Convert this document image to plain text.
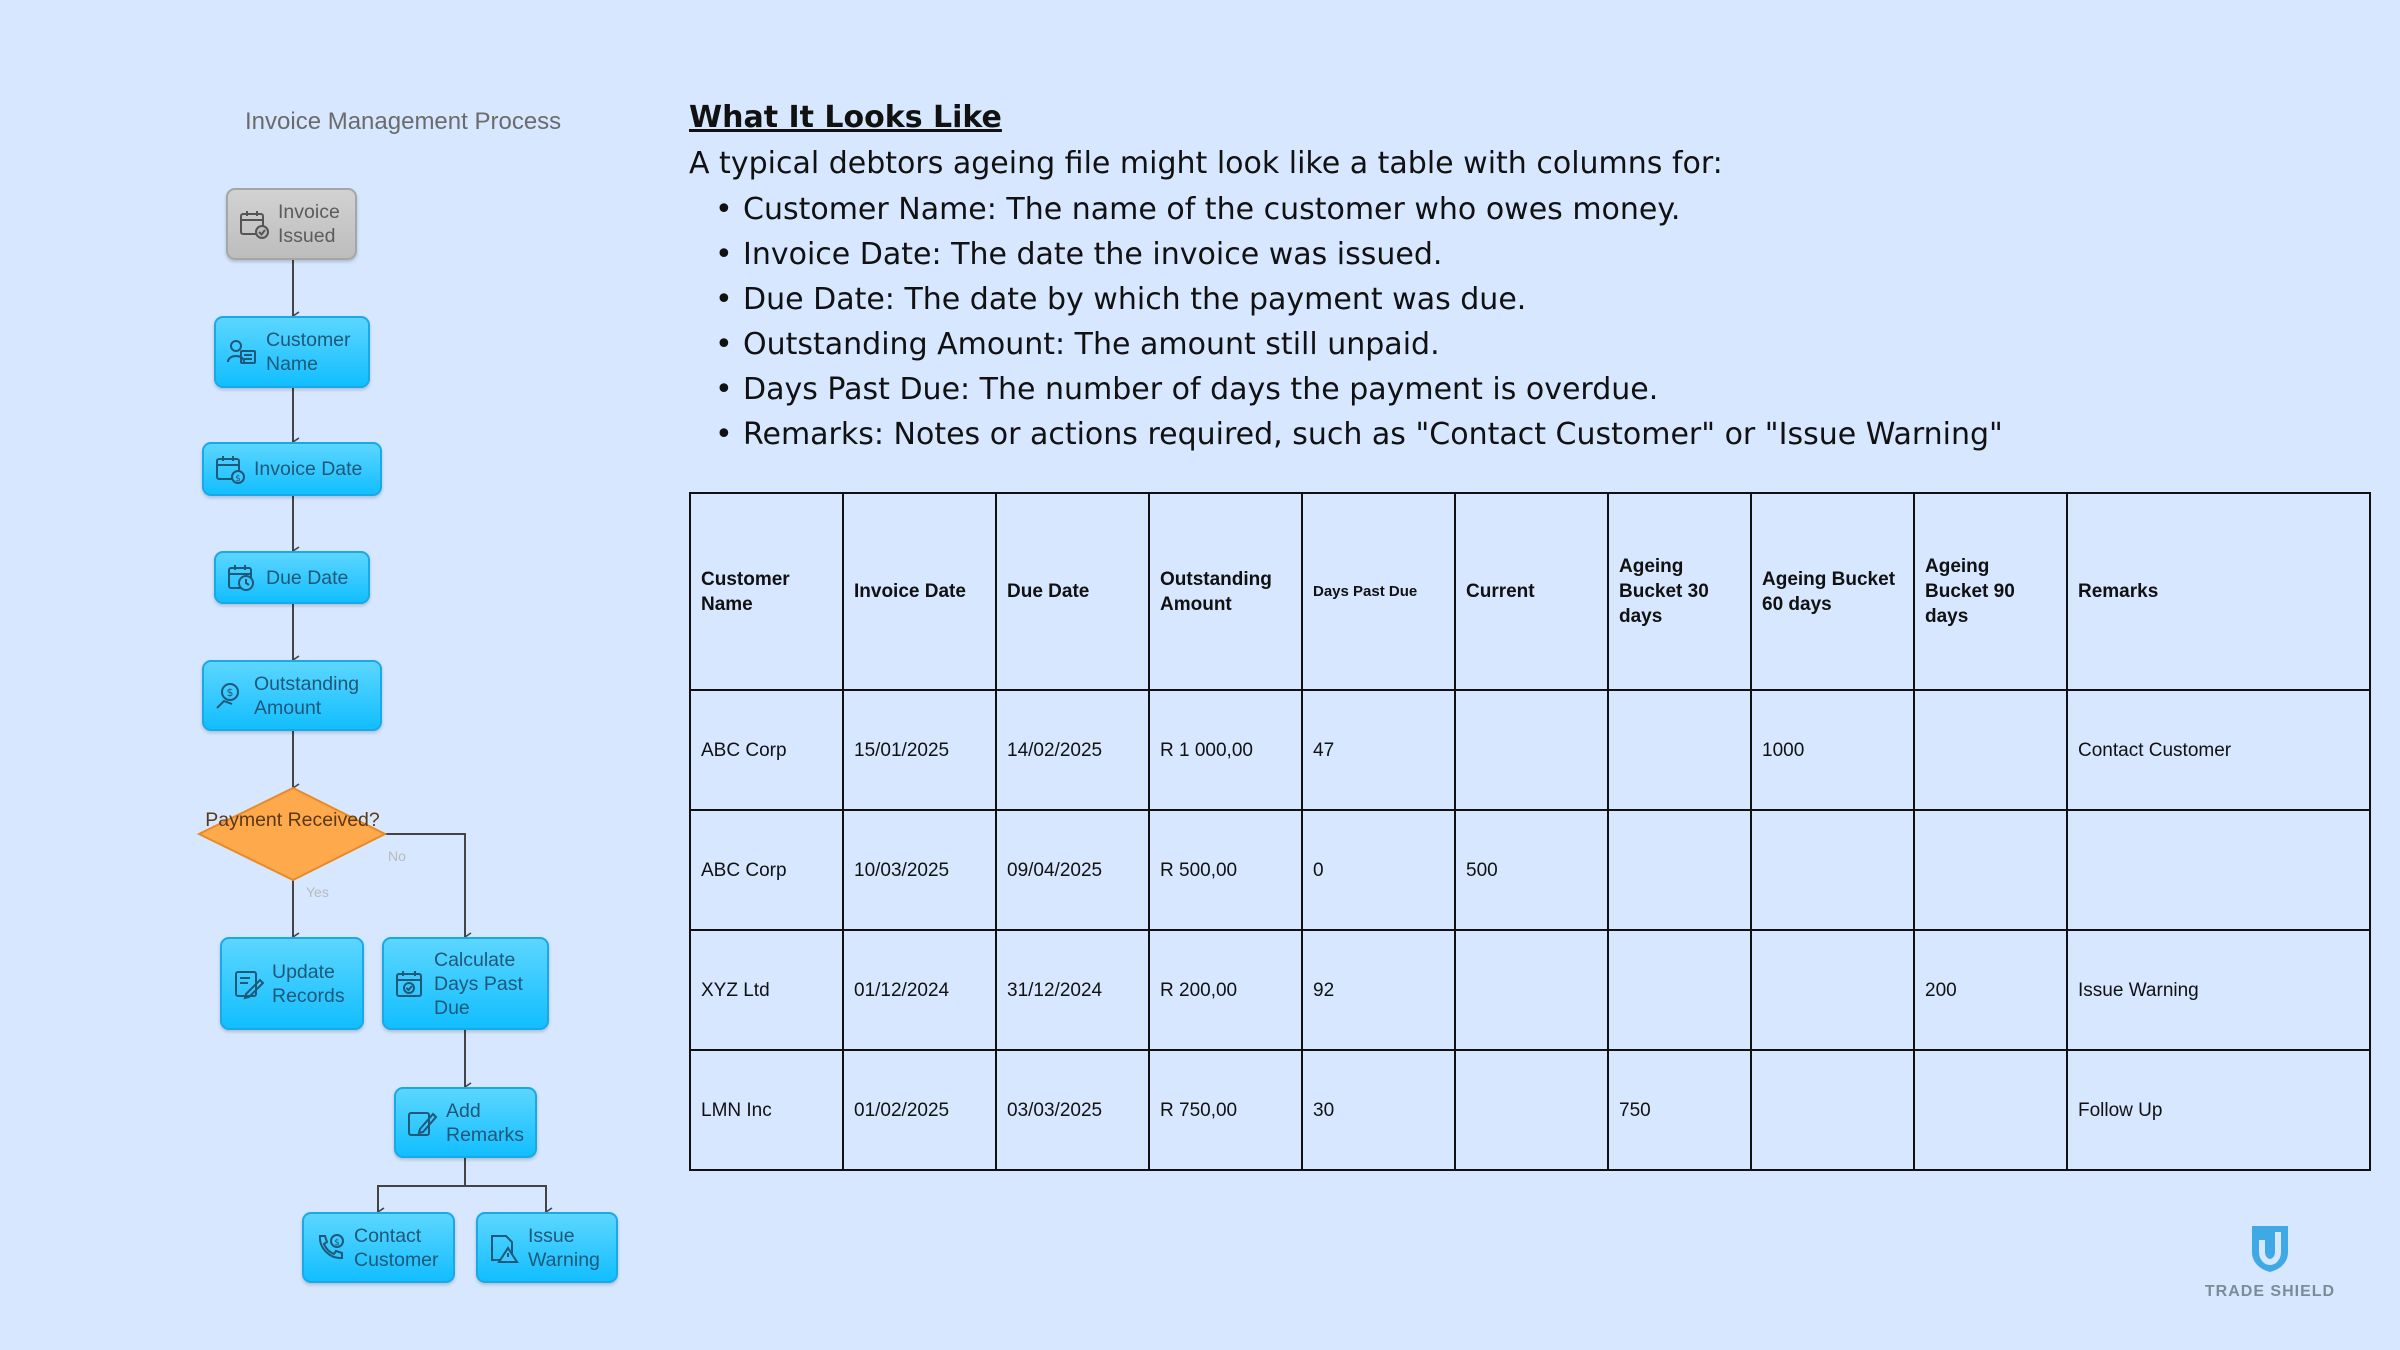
Invoice Management Process
Invoice Issued
Customer Name
$ Invoice Date
Due Date
$ Outstanding Amount
Payment Received?
No
Yes
Update Records
Calculate Days Past Due
Add Remarks
$ Contact Customer
Issue Warning
What It Looks Like
A typical debtors ageing file might look like a table with columns for:
• Customer Name: The name of the customer who owes money.
• Invoice Date: The date the invoice was issued.
• Due Date: The date by which the payment was due.
• Outstanding Amount: The amount still unpaid.
• Days Past Due: The number of days the payment is overdue.
• Remarks: Notes or actions required, such as "Contact Customer" or "Issue Warning"
Customer Name	Invoice Date	Due Date	Outstanding Amount	Days Past Due	Current	Ageing Bucket 30 days	Ageing Bucket 60 days	Ageing Bucket 90 days	Remarks
ABC Corp	15/01/2025	14/02/2025	R 1 000,00	47			1000		Contact Customer
ABC Corp	10/03/2025	09/04/2025	R 500,00	0	500				
XYZ Ltd	01/12/2024	31/12/2024	R 200,00	92				200	Issue Warning
LMN Inc	01/02/2025	03/03/2025	R 750,00	30		750			Follow Up
TRADE SHIELD
